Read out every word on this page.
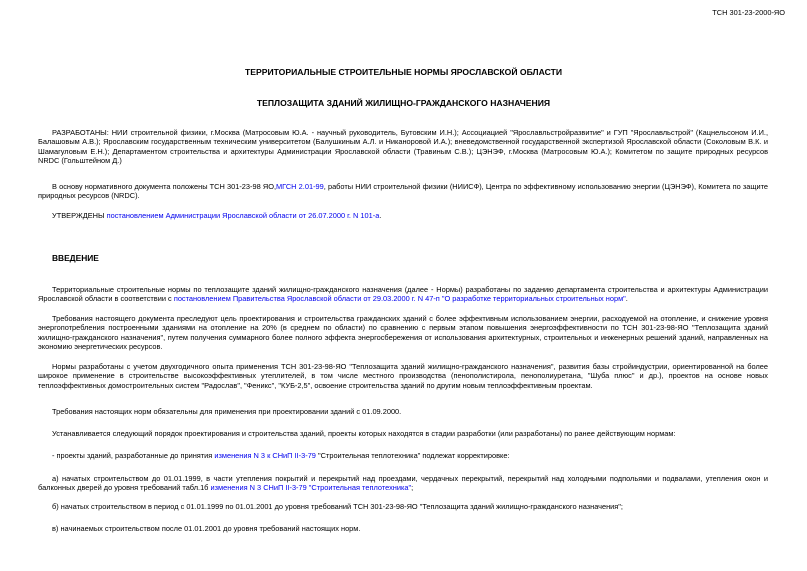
ТСН 301-23-2000-ЯО
ТЕРРИТОРИАЛЬНЫЕ СТРОИТЕЛЬНЫЕ НОРМЫ ЯРОСЛАВСКОЙ ОБЛАСТИ
ТЕПЛОЗАЩИТА ЗДАНИЙ ЖИЛИЩНО-ГРАЖДАНСКОГО НАЗНАЧЕНИЯ
РАЗРАБОТАНЫ: НИИ строительной физики, г.Москва (Матросовым Ю.А. - научный руководитель, Бутовским И.Н.); Ассоциацией "Ярославльстройразвитие" и ГУП "Ярославльстрой" (Кацнельсоном И.И., Балашовым А.В.); Ярославским государственным техническим университетом (Балушкиным А.Л. и Никаноровой И.А.); вневедомственной государственной экспертизой Ярославской области (Соколовым В.К. и Шамагуловым Е.Н.); Департаментом строительства и архитектуры Администрации Ярославской области (Травиным С.В.); ЦЭНЭФ, г.Москва (Матросовым Ю.А.); Комитетом по защите природных ресурсов NRDC (Гольштейном Д.)
В основу нормативного документа положены ТСН 301-23-98 ЯО,МГСН 2.01-99, работы НИИ строительной физики (НИИСФ), Центра по эффективному использованию энергии (ЦЭНЭФ), Комитета по защите природных ресурсов (NRDC).
УТВЕРЖДЕНЫ постановлением Администрации Ярославской области от 26.07.2000 г. N 101-а.
ВВЕДЕНИЕ
Территориальные строительные нормы по теплозащите зданий жилищно-гражданского назначения (далее - Нормы) разработаны по заданию департамента строительства и архитектуры Администрации Ярославской области в соответствии с постановлением Правительства Ярославской области от 29.03.2000 г. N 47-п "О разработке территориальных строительных норм".
Требования настоящего документа преследуют цель проектирования и строительства гражданских зданий с более эффективным использованием энергии, расходуемой на отопление, и снижение уровня энергопотребления построенными зданиями на отопление на 20% (в среднем по области) по сравнению с первым этапом повышения энергоэффективности по ТСН 301-23-98-ЯО "Теплозащита зданий жилищно-гражданского назначения", путем получения суммарного более полного эффекта энергосбережения от использования архитектурных, строительных и инженерных решений зданий, направленных на экономию энергетических ресурсов.
Нормы разработаны с учетом двухгодичного опыта применения ТСН 301-23-98-ЯО "Теплозащита зданий жилищно-гражданского назначения", развития базы стройиндустрии, ориентированной на более широкое применение в строительстве высокоэффективных утеплителей, в том числе местного производства (пенополистирола, пенополиуретана, "Шуба плюс" и др.), проектов на основе новых теплоэффективных домостроительных систем "Радослав", "Феникс", "КУБ-2,5", освоение строительства зданий по другим новым теплоэффективным проектам.
Требования настоящих норм обязательны для применения при проектировании зданий с 01.09.2000.
Устанавливается следующий порядок проектирования и строительства зданий, проекты которых находятся в стадии разработки (или разработаны) по ранее действующим нормам:
- проекты зданий, разработанные до принятия изменения N 3 к СНиП II-3-79 "Строительная теплотехника" подлежат корректировке:
а) начатых строительством до 01.01.1999, в части утепления покрытий и перекрытий над проездами, чердачных перекрытий, перекрытий над холодными подпольями и подвалами, утепления окон и балконных дверей до уровня требований табл.1б изменения N 3 СНиП II-3-79 "Строительная теплотехника";
б) начатых строительством в период с 01.01.1999 по 01.01.2001 до уровня требований ТСН 301-23-98-ЯО "Теплозащита зданий жилищно-гражданского назначения";
в) начинаемых строительством после 01.01.2001 до уровня требований настоящих норм.
